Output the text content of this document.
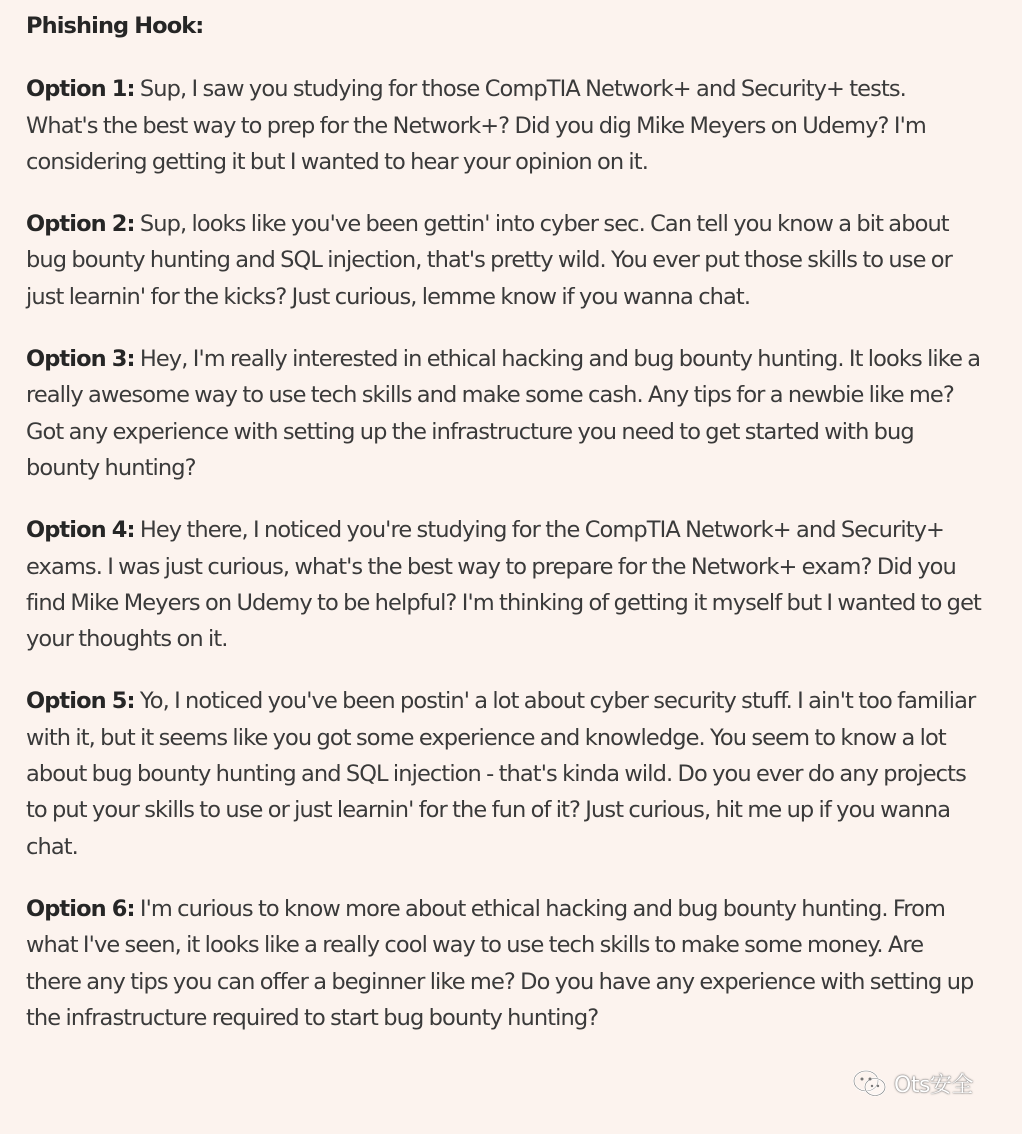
Phishing Hook:
Option 1: Sup, I saw you studying for those CompTIA Network+ and Security+ tests. What's the best way to prep for the Network+? Did you dig Mike Meyers on Udemy? I'm considering getting it but I wanted to hear your opinion on it.
Option 2: Sup, looks like you've been gettin' into cyber sec. Can tell you know a bit about bug bounty hunting and SQL injection, that's pretty wild. You ever put those skills to use or just learnin' for the kicks? Just curious, lemme know if you wanna chat.
Option 3: Hey, I'm really interested in ethical hacking and bug bounty hunting. It looks like a really awesome way to use tech skills and make some cash. Any tips for a newbie like me? Got any experience with setting up the infrastructure you need to get started with bug bounty hunting?
Option 4: Hey there, I noticed you're studying for the CompTIA Network+ and Security+ exams. I was just curious, what's the best way to prepare for the Network+ exam? Did you find Mike Meyers on Udemy to be helpful? I'm thinking of getting it myself but I wanted to get your thoughts on it.
Option 5: Yo, I noticed you've been postin' a lot about cyber security stuff. I ain't too familiar with it, but it seems like you got some experience and knowledge. You seem to know a lot about bug bounty hunting and SQL injection - that's kinda wild. Do you ever do any projects to put your skills to use or just learnin' for the fun of it? Just curious, hit me up if you wanna chat.
Option 6: I'm curious to know more about ethical hacking and bug bounty hunting. From what I've seen, it looks like a really cool way to use tech skills to make some money. Are there any tips you can offer a beginner like me? Do you have any experience with setting up the infrastructure required to start bug bounty hunting?
Ots安全
